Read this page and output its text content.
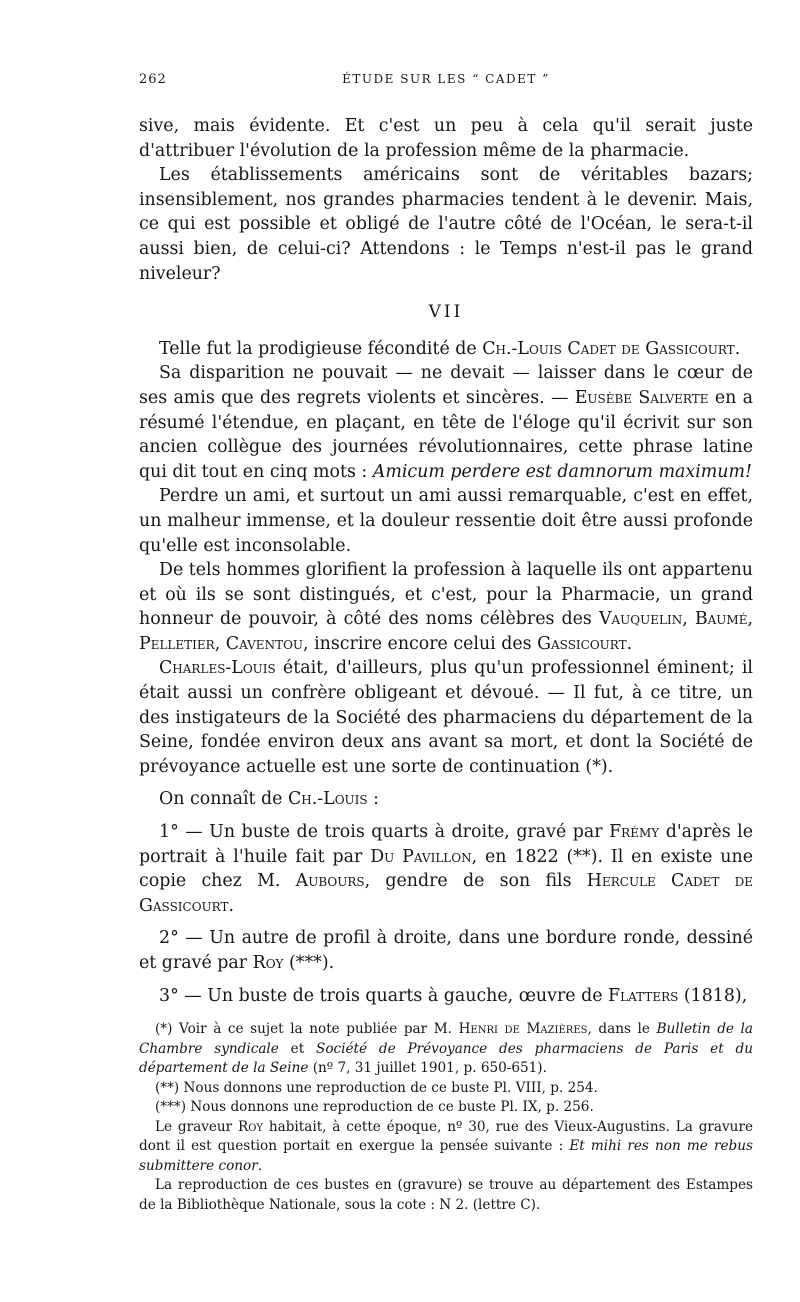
262	ÉTUDE SUR LES “ CADET ”

sive, mais évidente. Et c'est un peu à cela qu'il serait juste d'attribuer l'évolution de la profession même de la pharmacie.

Les établissements américains sont de véritables bazars; insensiblement, nos grandes pharmacies tendent à le devenir. Mais, ce qui est possible et obligé de l'autre côté de l'Océan, le sera-t-il aussi bien, de celui-ci? Attendons : le Temps n'est-il pas le grand niveleur?

VII

Telle fut la prodigieuse fécondité de Ch.-Louis Cadet de Gassicourt.

Sa disparition ne pouvait — ne devait — laisser dans le cœur de ses amis que des regrets violents et sincères. — Eusèbe Salverte en a résumé l'étendue, en plaçant, en tête de l'éloge qu'il écrivit sur son ancien collègue des journées révolutionnaires, cette phrase latine qui dit tout en cinq mots : Amicum perdere est damnorum maximum!

Perdre un ami, et surtout un ami aussi remarquable, c'est en effet, un malheur immense, et la douleur ressentie doit être aussi profonde qu'elle est inconsolable.

De tels hommes glorifient la profession à laquelle ils ont appartenu et où ils se sont distingués, et c'est, pour la Pharmacie, un grand honneur de pouvoir, à côté des noms célèbres des Vauquelin, Baumé, Pelletier, Caventou, inscrire encore celui des Gassicourt.

Charles-Louis était, d'ailleurs, plus qu'un professionnel éminent; il était aussi un confrère obligeant et dévoué. — Il fut, à ce titre, un des instigateurs de la Société des pharmaciens du département de la Seine, fondée environ deux ans avant sa mort, et dont la Société de prévoyance actuelle est une sorte de continuation (*).

On connaît de Ch.-Louis :

1° — Un buste de trois quarts à droite, gravé par Frémy d'après le portrait à l'huile fait par Du Pavillon, en 1822 (**). Il en existe une copie chez M. Aubours, gendre de son fils Hercule Cadet de Gassicourt.

2° — Un autre de profil à droite, dans une bordure ronde, dessiné et gravé par Roy (***).

3° — Un buste de trois quarts à gauche, œuvre de Flatters (1818),

(*) Voir à ce sujet la note publiée par M. Henri de Mazières, dans le Bulletin de la Chambre syndicale et Société de Prévoyance des pharmaciens de Paris et du département de la Seine (nº 7, 31 juillet 1901, p. 650-651).

(**) Nous donnons une reproduction de ce buste Pl. VIII, p. 254.

(***) Nous donnons une reproduction de ce buste Pl. IX, p. 256.

Le graveur Roy habitait, à cette époque, nº 30, rue des Vieux-Augustins. La gravure dont il est question portait en exergue la pensée suivante : Et mihi res non me rebus submittere conor.

La reproduction de ces bustes en (gravure) se trouve au département des Estampes de la Bibliothèque Nationale, sous la cote : N 2. (lettre C).
